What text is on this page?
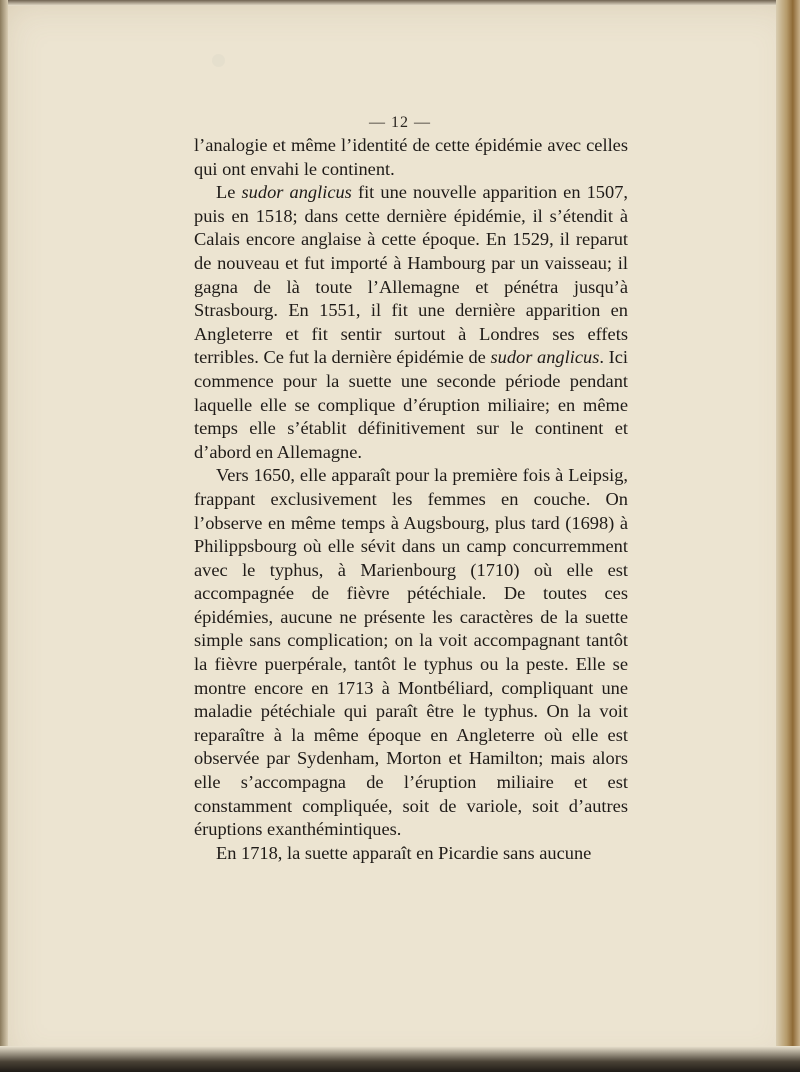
— 12 —

l’analogie et même l’identité de cette épidémie avec celles qui ont envahi le continent.

Le sudor anglicus fit une nouvelle apparition en 1507, puis en 1518; dans cette dernière épidémie, il s’étendit à Calais encore anglaise à cette époque. En 1529, il reparut de nouveau et fut importé à Hambourg par un vaisseau; il gagna de là toute l’Allemagne et pénétra jusqu’à Strasbourg. En 1551, il fit une dernière apparition en Angleterre et fit sentir surtout à Londres ses effets terribles. Ce fut la dernière épidémie de sudor anglicus. Ici commence pour la suette une seconde période pendant laquelle elle se complique d’éruption miliaire; en même temps elle s’établit définitivement sur le continent et d’abord en Allemagne.

Vers 1650, elle apparaît pour la première fois à Leipsig, frappant exclusivement les femmes en couche. On l’observe en même temps à Augsbourg, plus tard (1698) à Philippsbourg où elle sévit dans un camp concurremment avec le typhus, à Marienbourg (1710) où elle est accompagnée de fièvre pétéchiale. De toutes ces épidémies, aucune ne présente les caractères de la suette simple sans complication; on la voit accompagnant tantôt la fièvre puerpérale, tantôt le typhus ou la peste. Elle se montre encore en 1713 à Montbéliard, compliquant une maladie pétéchiale qui paraît être le typhus. On la voit reparaître à la même époque en Angleterre où elle est observée par Sydenham, Morton et Hamilton; mais alors elle s’accompagna de l’éruption miliaire et est constamment compliquée, soit de variole, soit d’autres éruptions exanthémintiques.

En 1718, la suette apparaît en Picardie sans aucune
